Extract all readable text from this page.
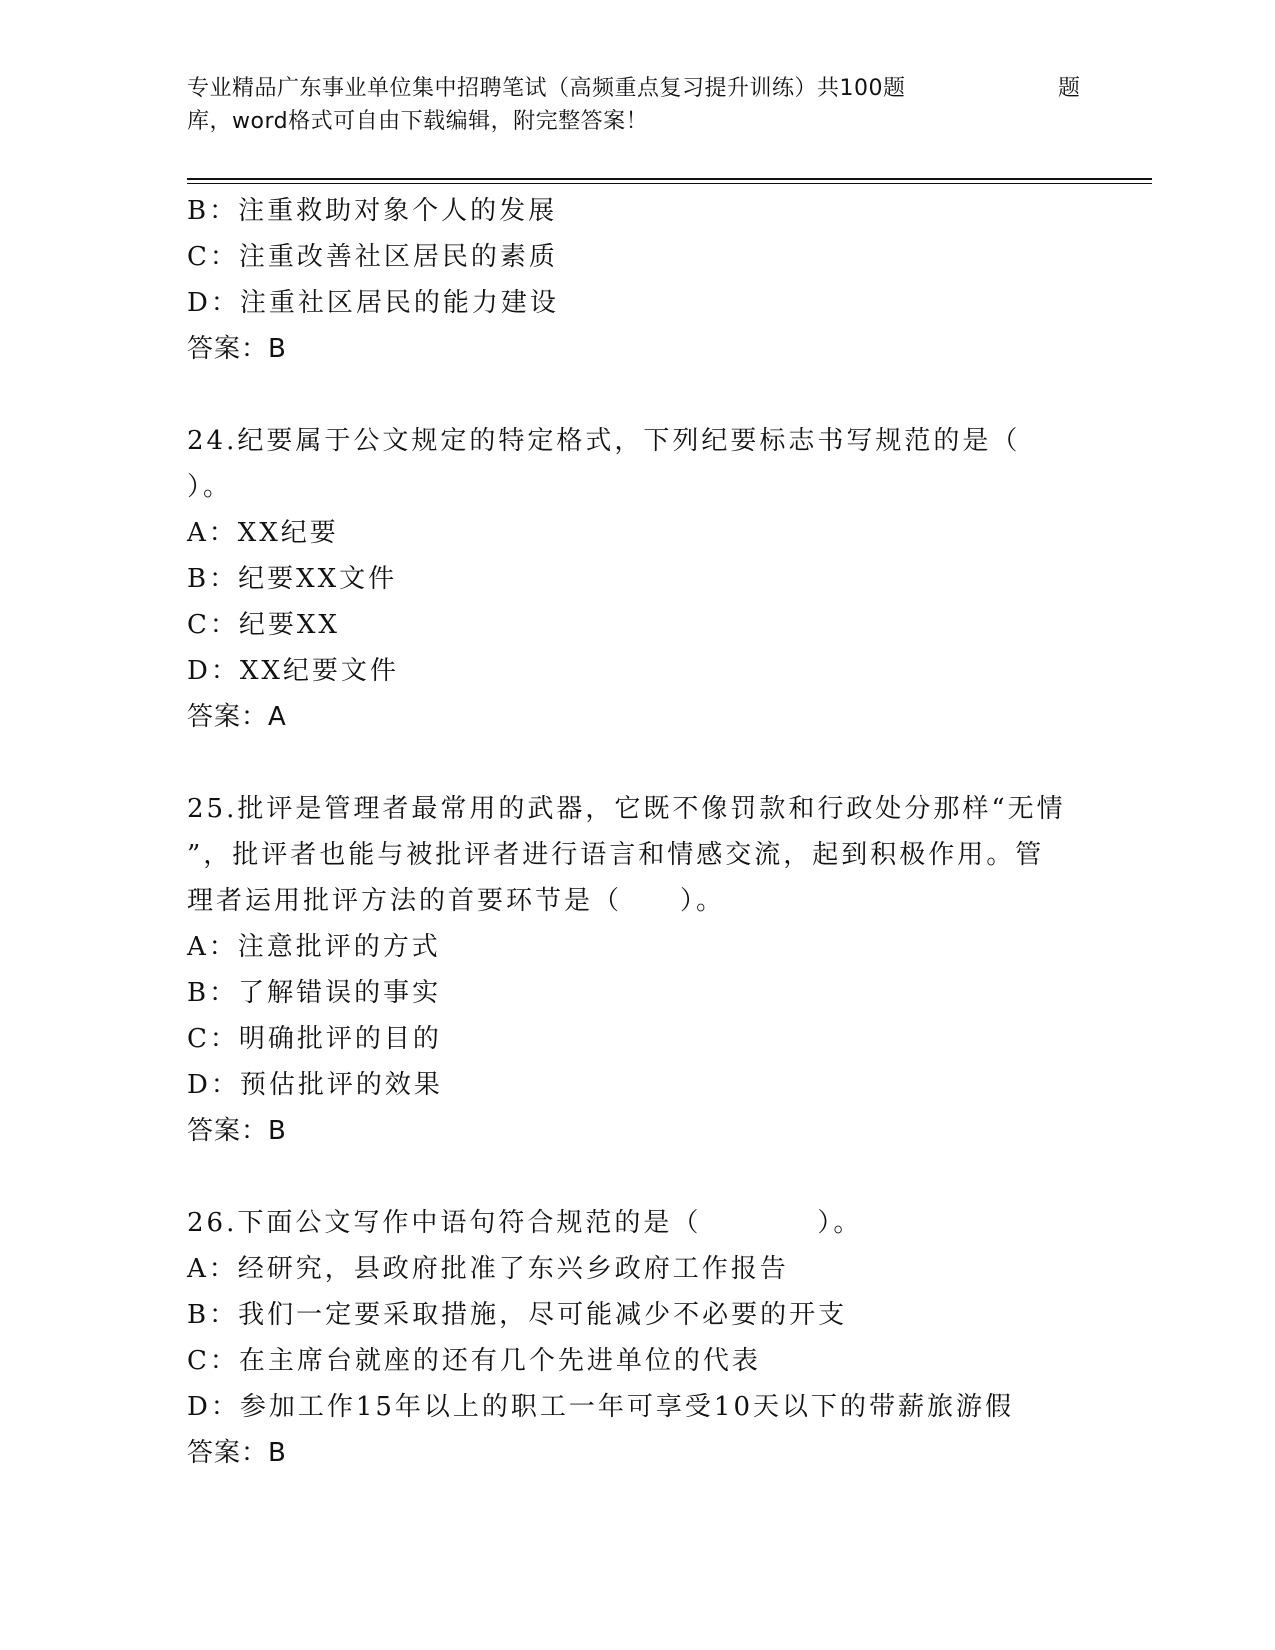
专业精品广东事业单位集中招聘笔试（高频重点复习提升训练）共100题
库，word格式可自由下载编辑，附完整答案！
题
B：注重救助对象个人的发展
C：注重改善社区居民的素质
D：注重社区居民的能力建设
答案：B
24.纪要属于公文规定的特定格式，下列纪要标志书写规范的是（
）。
A：XX纪要
B：纪要XX文件
C：纪要XX
D：XX纪要文件
答案：A
25.批评是管理者最常用的武器，它既不像罚款和行政处分那样“无情
”，批评者也能与被批评者进行语言和情感交流，起到积极作用。管
理者运用批评方法的首要环节是（　　）。
A：注意批评的方式
B：了解错误的事实
C：明确批评的目的
D：预估批评的效果
答案：B
26.下面公文写作中语句符合规范的是（　　　　）。
A：经研究，县政府批准了东兴乡政府工作报告
B：我们一定要采取措施，尽可能减少不必要的开支
C：在主席台就座的还有几个先进单位的代表
D：参加工作15年以上的职工一年可享受10天以下的带薪旅游假
答案：B
